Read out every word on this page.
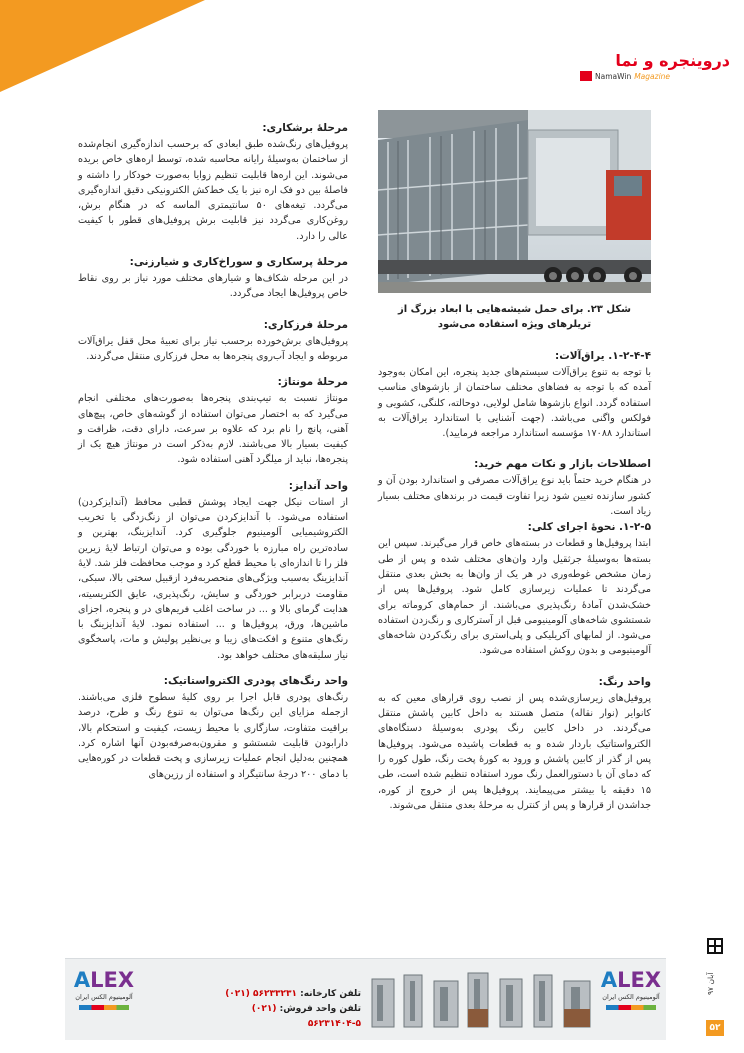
دروينجره و نما
NamaWin Magazine
شکل ۲۳. برای حمل شیشه‌هایی با ابعاد بزرگ از تریلرهای ویژه استفاده می‌شود
۱-۲-۴-۴. یراق‌آلات:
با توجه به تنوع یراق‌آلات سیستم‌های جدید پنجره، این امکان به‌وجود آمده که با توجه به فضاهای مختلف ساختمان از بازشوهای مناسب استفاده گردد. انواع بازشوها شامل لولایی، دوحالته، کلنگی، کشویی و فولکس واگنی می‌باشد. (جهت آشنایی با استاندارد یراق‌آلات به استاندارد ۱۷۰۸۸ مؤسسه استاندارد مراجعه فرمایید).
اصطلاحات بازار و نکات مهم خرید:
در هنگام خرید حتماً باید نوع یراق‌آلات مصرفی و استاندارد بودن آن و کشور سازنده تعیین شود زیرا تفاوت قیمت در برندهای مختلف بسیار زیاد است.
۱-۲-۵. نحوهٔ اجرای کلی:
ابتدا پروفیل‌ها و قطعات در بسته‌های خاص قرار می‌گیرند. سپس این بسته‌ها به‌وسیلهٔ جرثقیل وارد وان‌های مختلف شده و پس از طی زمان مشخص غوطه‌وری در هر یک از وان‌ها به بخش بعدی منتقل می‌گردند تا عملیات زیرسازی کامل شود. پروفیل‌ها پس از خشک‌شدن آمادهٔ رنگ‌پذیری می‌باشند. از حمام‌های کروماته برای شستشوی شاخه‌های آلومینیومی قبل از آسترکاری و رنگ‌زدن استفاده می‌شود. از لمابهای آکریلیکی و پلی‌استری برای رنگ‌کردن شاخه‌های آلومینیومی و بدون روکش استفاده می‌شود.
واحد رنگ:
پروفیل‌های زیرسازی‌شده پس از نصب روی قرارهای معین که به کانوایر (نوار نقاله) متصل هستند به داخل کابین پاشش منتقل می‌گردند. در داخل کابین رنگ پودری به‌وسیلهٔ دستگاه‌های الکترواستاتیک باردار شده و به قطعات پاشیده می‌شود. پروفیل‌ها پس از گذر از کابین پاشش و ورود به کورهٔ پخت رنگ، طول کوره را که دمای آن با دستورالعمل رنگ مورد استفاده تنظیم شده است، طی ۱۵ دقیقه یا بیشتر می‌پیمایند. پروفیل‌ها پس از خروج از کوره، جداشدن از قرارها و پس از کنترل به مرحلهٔ بعدی منتقل می‌شوند.
مرحلهٔ برشکاری:
پروفیل‌های رنگ‌شده طبق ابعادی که برحسب اندازه‌گیری انجام‌شده از ساختمان به‌وسیلهٔ رایانه محاسبه شده، توسط اره‌های خاص بریده می‌شوند. این اره‌ها قابلیت تنظیم زوایا به‌صورت خودکار را داشته و فاصلهٔ بین دو فک اره نیز با یک خط‌کش الکترونیکی دقیق اندازه‌گیری می‌گردد. تیغه‌های ۵۰ سانتیمتری الماسه که در هنگام برش، روغن‌کاری می‌گردد نیز قابلیت برش پروفیل‌های قطور با کیفیت عالی را دارد.
مرحلهٔ پرسکاری و سوراخ‌کاری و شیارزنی:
در این مرحله شکاف‌ها و شیارهای مختلف مورد نیاز بر روی نقاط خاص پروفیل‌ها ایجاد می‌گردد.
مرحلهٔ فرزکاری:
پروفیل‌های برش‌خورده برحسب نیاز برای تعبیهٔ محل قفل یراق‌آلات مربوطه و ایجاد آب‌روی پنجره‌ها به محل فرزکاری منتقل می‌گردند.
مرحلهٔ مونتاژ:
مونتاژ نسبت به تیپ‌بندی پنجره‌ها به‌صورت‌های مختلفی انجام می‌گیرد که به اختصار می‌توان استفاده از گوشه‌های خاص، پیچ‌های آهنی، پانچ را نام برد که علاوه بر سرعت، دارای دقت، ظرافت و کیفیت بسیار بالا می‌باشند. لازم به‌ذکر است در مونتاژ هیچ یک از پنجره‌ها، نباید از میلگرد آهنی استفاده شود.
واحد آندایز:
از استات نیکل جهت ایجاد پوشش قطبی محافظ (آندایزکردن) استفاده می‌شود. با آندایزکردن می‌توان از زنگ‌زدگی یا تخریب الکتروشیمیایی آلومینیوم جلوگیری کرد. آندایزینگ، بهترین و ساده‌ترین راه مبارزه با خوردگی بوده و می‌توان ارتباط لایهٔ زیرین فلز را تا اندازه‌ای با محیط قطع کرد و موجب محافظت فلز شد. لایهٔ آندایزینگ به‌سبب ویژگی‌های منحصربه‌فرد ازقبیل سختی بالا، سبکی، مقاومت دربرابر خوردگی و سایش، رنگ‌پذیری، عایق الکتریسیته، هدایت گرمای بالا و ... در ساخت اغلب فریم‌های در و پنجره، اجزای ماشین‌ها، ورق، پروفیل‌ها و ... استفاده نمود. لایهٔ آندایزینگ با رنگ‌های متنوع و افکت‌های زیبا و بی‌نظیر پولیش و مات، پاسخگوی نیاز سلیقه‌های مختلف خواهد بود.
واحد رنگ‌های پودری الکترواستاتیک:
رنگ‌های پودری قابل اجرا بر روی کلیهٔ سطوح فلزی می‌باشند. ازجمله مزایای این رنگ‌ها می‌توان به تنوع رنگ و طرح، درصد براقیت متفاوت، سازگاری با محیط زیست، کیفیت و استحکام بالا، دارابودن قابلیت شستشو و مقرون‌به‌صرفه‌بودن آنها اشاره کرد. همچنین به‌دلیل انجام عملیات زیرسازی و پخت قطعات در کوره‌هایی با دمای ۲۰۰ درجهٔ سانتیگراد و استفاده از رزین‌های
ALEX
آلومینیوم الکس ایران	تلفن کارخانه: (۰۲۱) ۵۶۲۳۳۲۳۱
تلفن واحد فروش: (۰۲۱) ۵۶۲۳۱۴۰۴-۵
ALEX
آلومینیوم الکس ایران
آبان ۹۷
۵۲
